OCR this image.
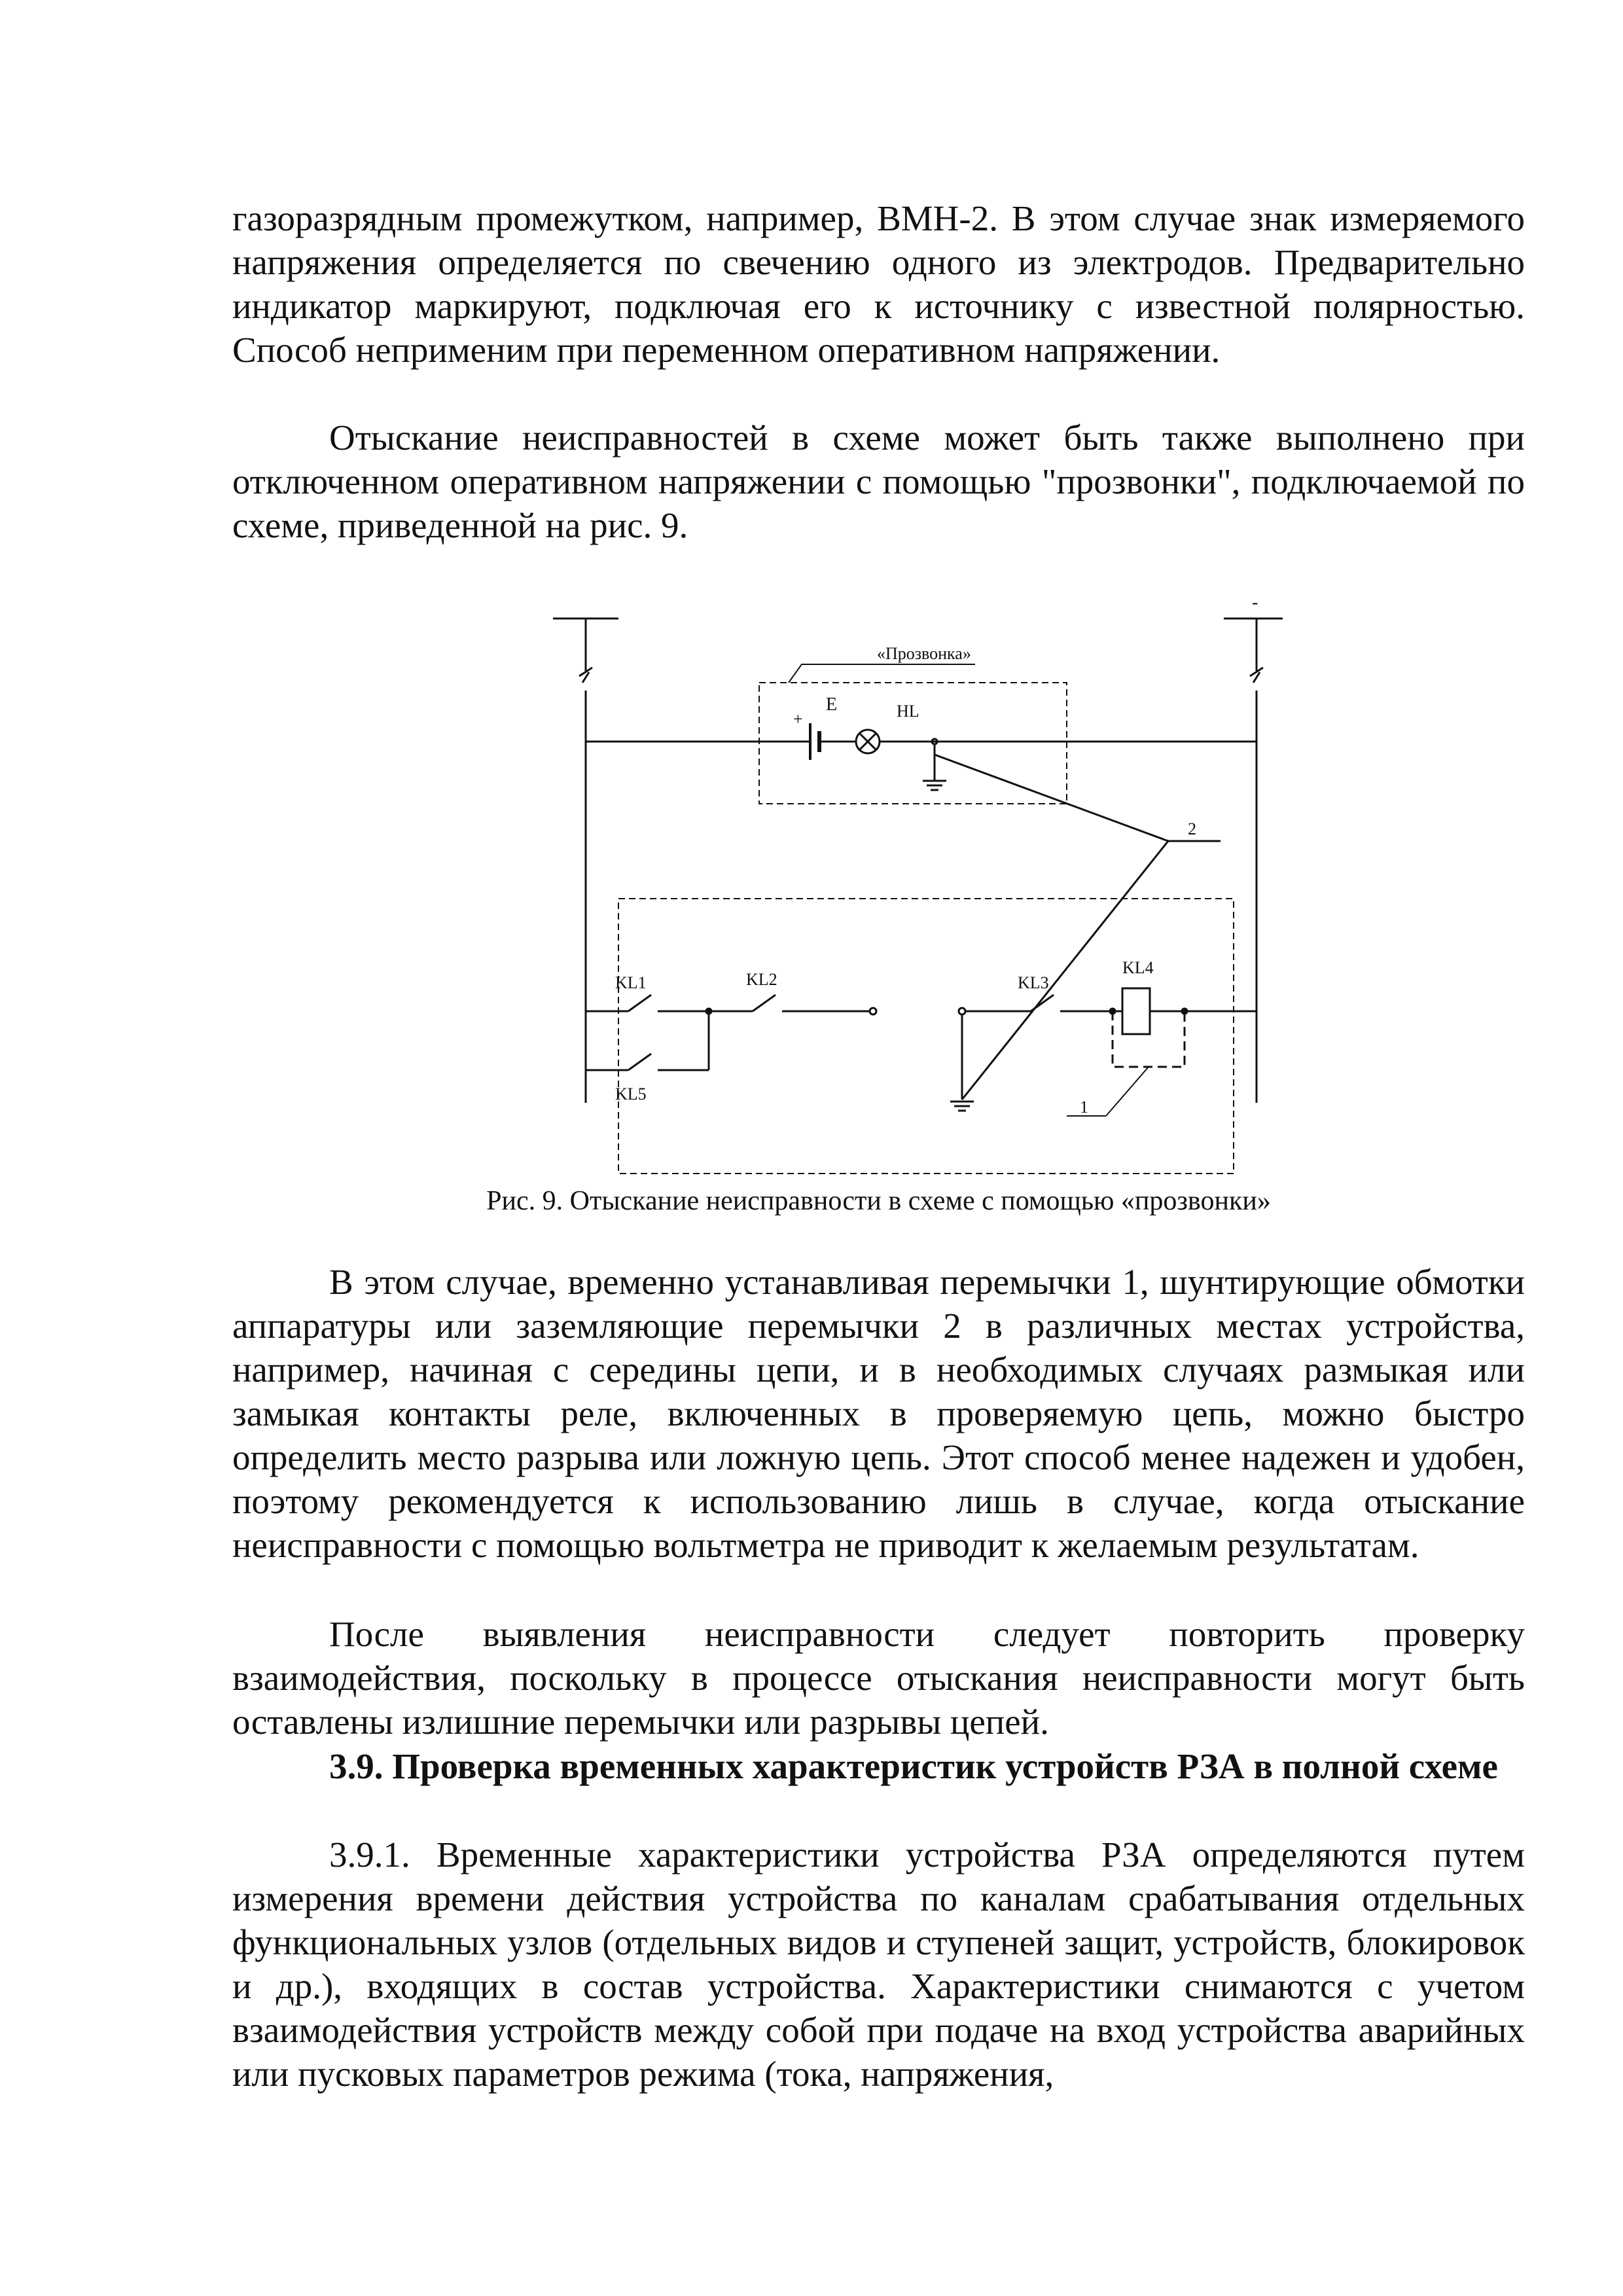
газоразрядным промежутком, например, ВМН-2. В этом случае знак измеряемого напряжения определяется по свечению одного из электродов. Предварительно индикатор маркируют, подключая его к источнику с известной полярностью. Способ неприменим при переменном оперативном напряжении.

Отыскание неисправностей в схеме может быть также выполнено при отключенном оперативном напряжении с помощью "прозвонки", подключаемой по схеме, приведенной на рис. 9.

«Прозвонка»
+
-
E	HL
2
1
KL1	KL2	KL3
KL4
KL5
Рис. 9. Отыскание неисправности в схеме с помощью «прозвонки»

В этом случае, временно устанавливая перемычки 1, шунтирующие обмотки аппаратуры или заземляющие перемычки 2 в различных местах устройства, например, начиная с середины цепи, и в необходимых случаях размыкая или замыкая контакты реле, включенных в проверяемую цепь, можно быстро определить место разрыва или ложную цепь. Этот способ менее надежен и удобен, поэтому рекомендуется к использованию лишь в случае, когда отыскание неисправности с помощью вольтметра не приводит к желаемым результатам.

После выявления неисправности следует повторить проверку взаимодействия, поскольку в процессе отыскания неисправности могут быть оставлены излишние перемычки или разрывы цепей.

3.9. Проверка временных характеристик устройств РЗА в полной схеме

3.9.1. Временные характеристики устройства РЗА определяются путем измерения времени действия устройства по каналам срабатывания отдельных функциональных узлов (отдельных видов и ступеней защит, устройств, блокировок и др.), входящих в состав устройства. Характеристики снимаются с учетом взаимодействия устройств между собой при подаче на вход устройства аварийных или пусковых параметров режима (тока, напряжения,
